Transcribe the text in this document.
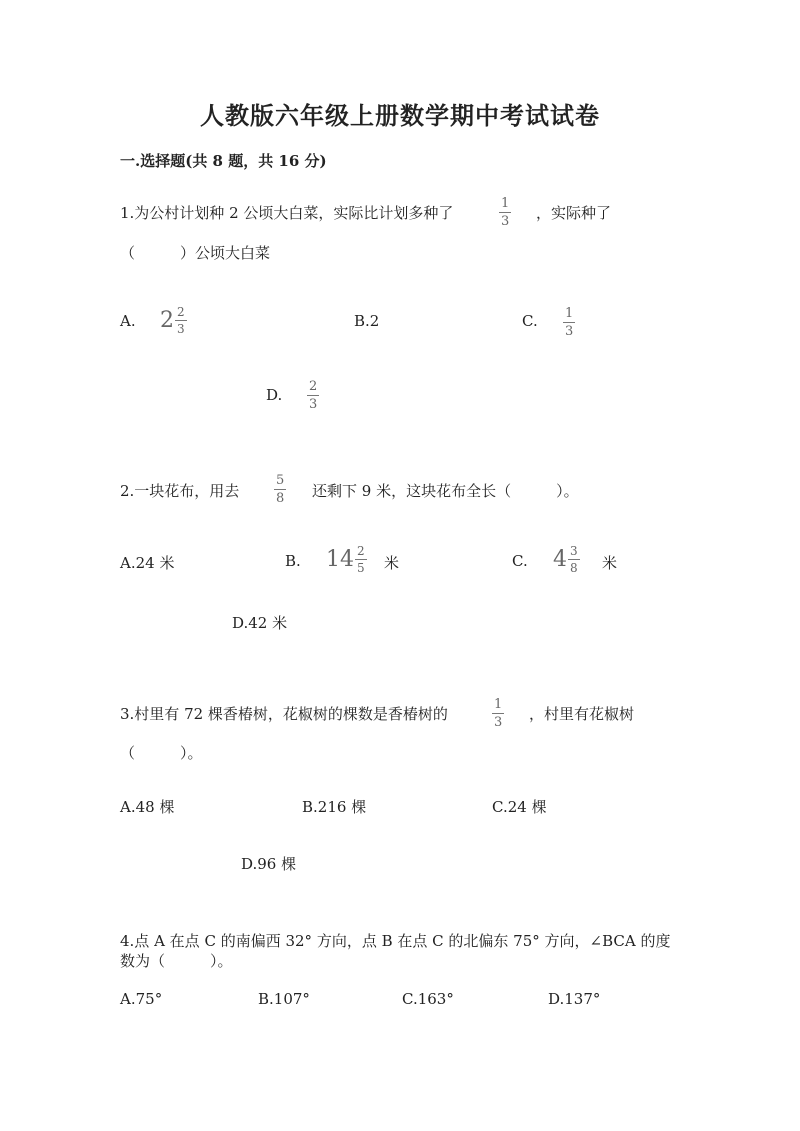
人教版六年级上册数学期中考试试卷
一.选择题(共 8 题，共 16 分)
1.为公村计划种 2 公顷大白菜，实际比计划多种了
1
3 ，实际种了
（　　　）公顷大白菜
A. $2 \frac{2}{3}$	B.2	C. 1
3
D. 2
3
2.一块花布，用去
5
8 还剩下 9 米，这块花布全长（　　　）。
A.24 米	B. $14 \frac{2}{5}$ 米	C. $4 \frac{3}{8}$ 米
D.42 米
3.村里有 72 棵香椿树，花椒树的棵数是香椿树的
1
3 ，村里有花椒树
（　　　）。
A.48 棵	B.216 棵	C.24 棵
D.96 棵
4.点 A 在点 C 的南偏西 32° 方向，点 B 在点 C 的北偏东 75° 方向，∠BCA 的度
数为（　　　）。
A.75°	B.107°	C.163°	D.137°
